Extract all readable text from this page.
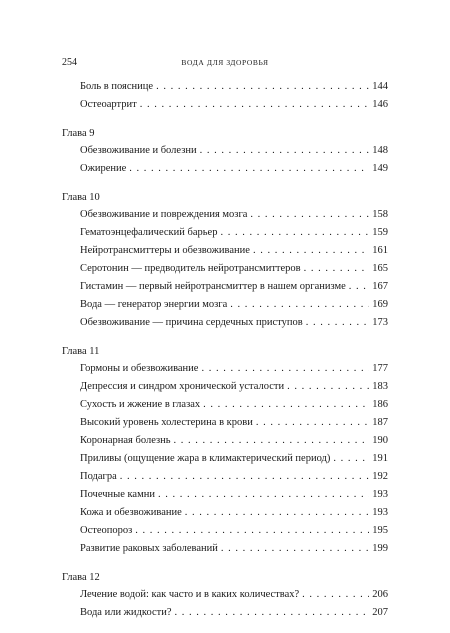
254	ВОДА ДЛЯ ЗДОРОВЬЯ
Боль в пояснице . . .	144
Остеоартрит . . .	146
Глава 9
Обезвоживание и болезни . . .	148
Ожирение . . .	149
Глава 10
Обезвоживание и повреждения мозга . . .	158
Гематоэнцефалический барьер . . .	159
Нейротрансмиттеры и обезвоживание . . .	161
Серотонин — предводитель нейротрансмиттеров . . .	165
Гистамин — первый нейротрансмиттер в нашем организме . . .	167
Вода — генератор энергии мозга . . .	169
Обезвоживание — причина сердечных приступов . . .	173
Глава 11
Гормоны и обезвоживание . . .	177
Депрессия и синдром хронической усталости . . .	183
Сухость и жжение в глазах . . .	186
Высокий уровень холестерина в крови . . .	187
Коронарная болезнь . . .	190
Приливы (ощущение жара в климактерический период) . . .	191
Подагра . . .	192
Почечные камни . . .	193
Кожа и обезвоживание . . .	193
Остеопороз . . .	195
Развитие раковых заболеваний . . .	199
Глава 12
Лечение водой: как часто и в каких количествах? . . .	206
Вода или жидкости? . . .	207
